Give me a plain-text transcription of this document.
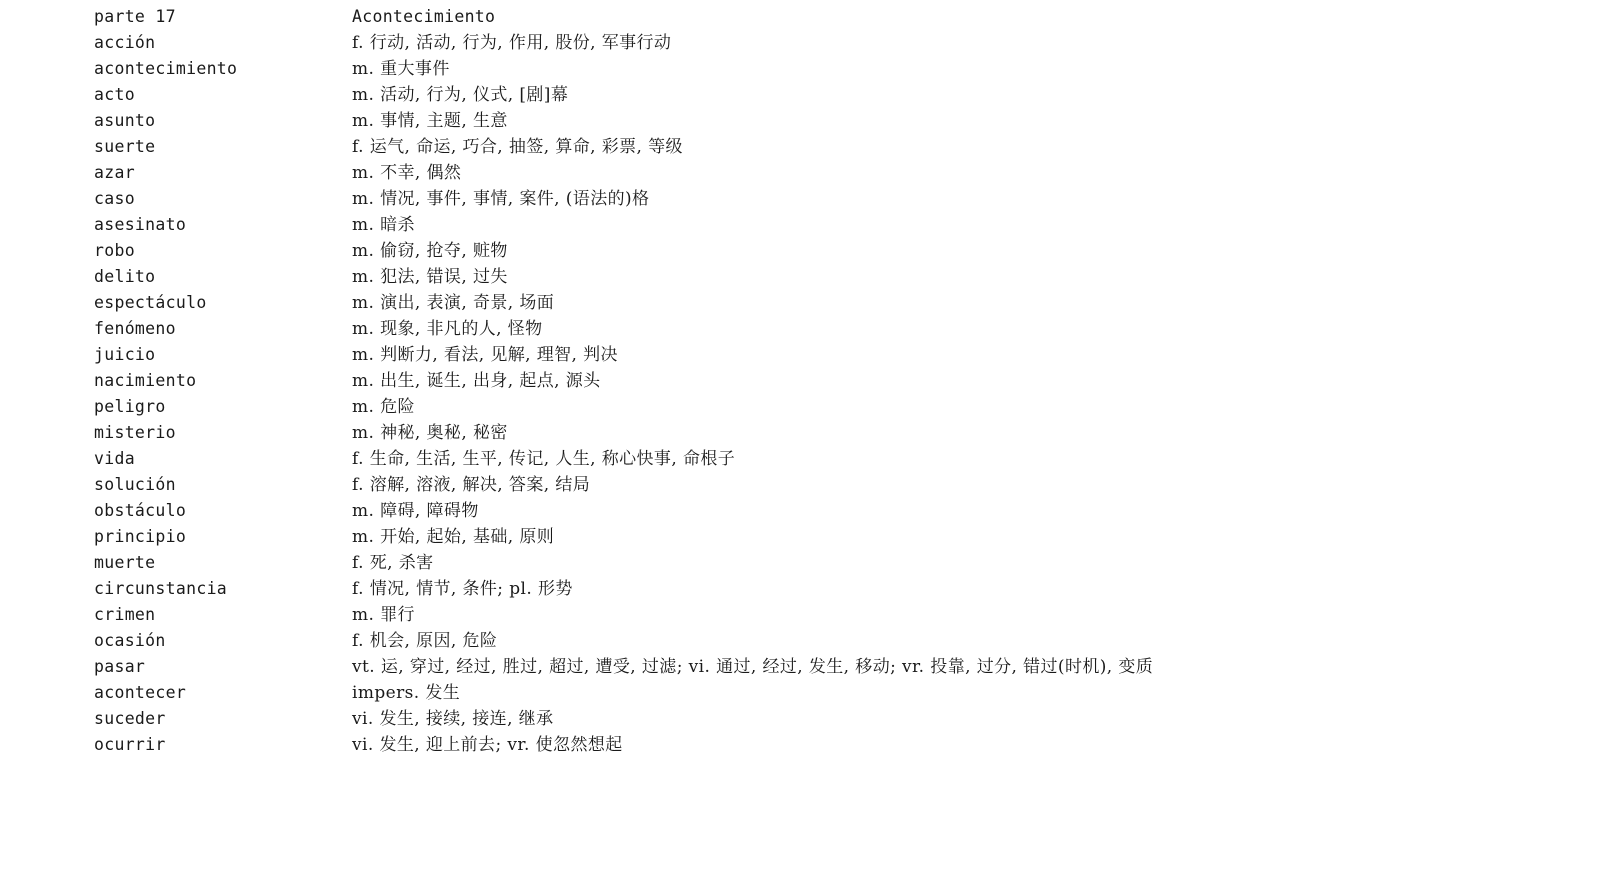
parte 17	Acontecimiento
acción	f. 行动, 活动, 行为, 作用, 股份, 军事行动
acontecimiento	m. 重大事件
acto	m. 活动, 行为, 仪式, [剧]幕
asunto	m. 事情, 主题, 生意
suerte	f. 运气, 命运, 巧合, 抽签, 算命, 彩票, 等级
azar	m. 不幸, 偶然
caso	m. 情况, 事件, 事情, 案件, (语法的)格
asesinato	m. 暗杀
robo	m. 偷窃, 抢夺, 赃物
delito	m. 犯法, 错误, 过失
espectáculo	m. 演出, 表演, 奇景, 场面
fenómeno	m. 现象, 非凡的人, 怪物
juicio	m. 判断力, 看法, 见解, 理智, 判决
nacimiento	m. 出生, 诞生, 出身, 起点, 源头
peligro	m. 危险
misterio	m. 神秘, 奥秘, 秘密
vida	f. 生命, 生活, 生平, 传记, 人生, 称心快事, 命根子
solución	f. 溶解, 溶液, 解决, 答案, 结局
obstáculo	m. 障碍, 障碍物
principio	m. 开始, 起始, 基础, 原则
muerte	f. 死, 杀害
circunstancia	f. 情况, 情节, 条件; pl. 形势
crimen	m. 罪行
ocasión	f. 机会, 原因, 危险
pasar	vt. 运, 穿过, 经过, 胜过, 超过, 遭受, 过滤; vi. 通过, 经过, 发生, 移动; vr. 投靠, 过分, 错过(时机), 变质
acontecer	impers. 发生
suceder	vi. 发生, 接续, 接连, 继承
ocurrir	vi. 发生, 迎上前去; vr. 使忽然想起
